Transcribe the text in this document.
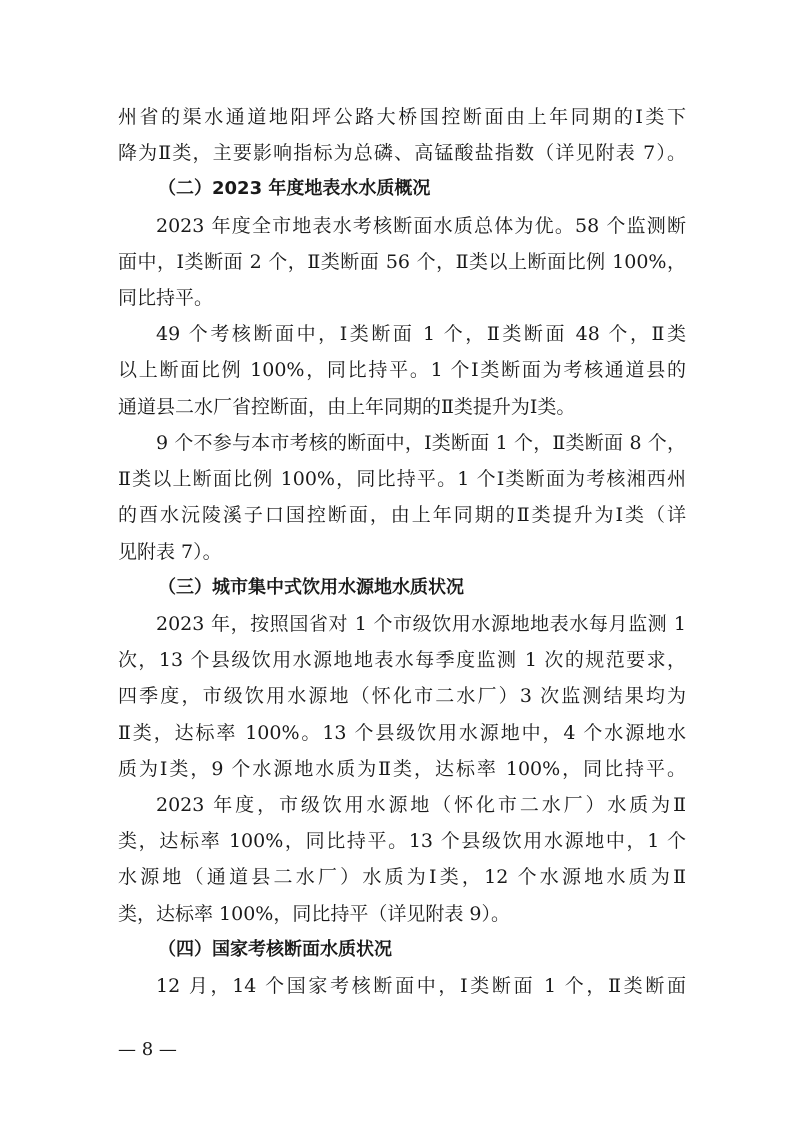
州省的渠水通道地阳坪公路大桥国控断面由上年同期的Ⅰ类下
降为Ⅱ类，主要影响指标为总磷、高锰酸盐指数（详见附表 7）。
（二）2023 年度地表水水质概况
2023 年度全市地表水考核断面水质总体为优。58 个监测断
面中，Ⅰ类断面 2 个，Ⅱ类断面 56 个，Ⅱ类以上断面比例 100%，
同比持平。
49 个考核断面中，Ⅰ类断面 1 个，Ⅱ类断面 48 个，Ⅱ类
以上断面比例 100%，同比持平。1 个Ⅰ类断面为考核通道县的
通道县二水厂省控断面，由上年同期的Ⅱ类提升为Ⅰ类。
9 个不参与本市考核的断面中，Ⅰ类断面 1 个，Ⅱ类断面 8 个，
Ⅱ类以上断面比例 100%，同比持平。1 个Ⅰ类断面为考核湘西州
的酉水沅陵溪子口国控断面，由上年同期的Ⅱ类提升为Ⅰ类（详
见附表 7）。
（三）城市集中式饮用水源地水质状况
2023 年，按照国省对 1 个市级饮用水源地地表水每月监测 1
次，13 个县级饮用水源地地表水每季度监测 1 次的规范要求，
四季度，市级饮用水源地（怀化市二水厂）3 次监测结果均为
Ⅱ类，达标率 100%。13 个县级饮用水源地中，4 个水源地水
质为Ⅰ类，9 个水源地水质为Ⅱ类，达标率 100%，同比持平。
2023 年度，市级饮用水源地（怀化市二水厂）水质为Ⅱ
类，达标率 100%，同比持平。13 个县级饮用水源地中，1 个
水源地（通道县二水厂）水质为Ⅰ类，12 个水源地水质为Ⅱ
类，达标率 100%，同比持平（详见附表 9）。
（四）国家考核断面水质状况
12 月，14 个国家考核断面中，Ⅰ类断面 1 个，Ⅱ类断面
— 8 —
